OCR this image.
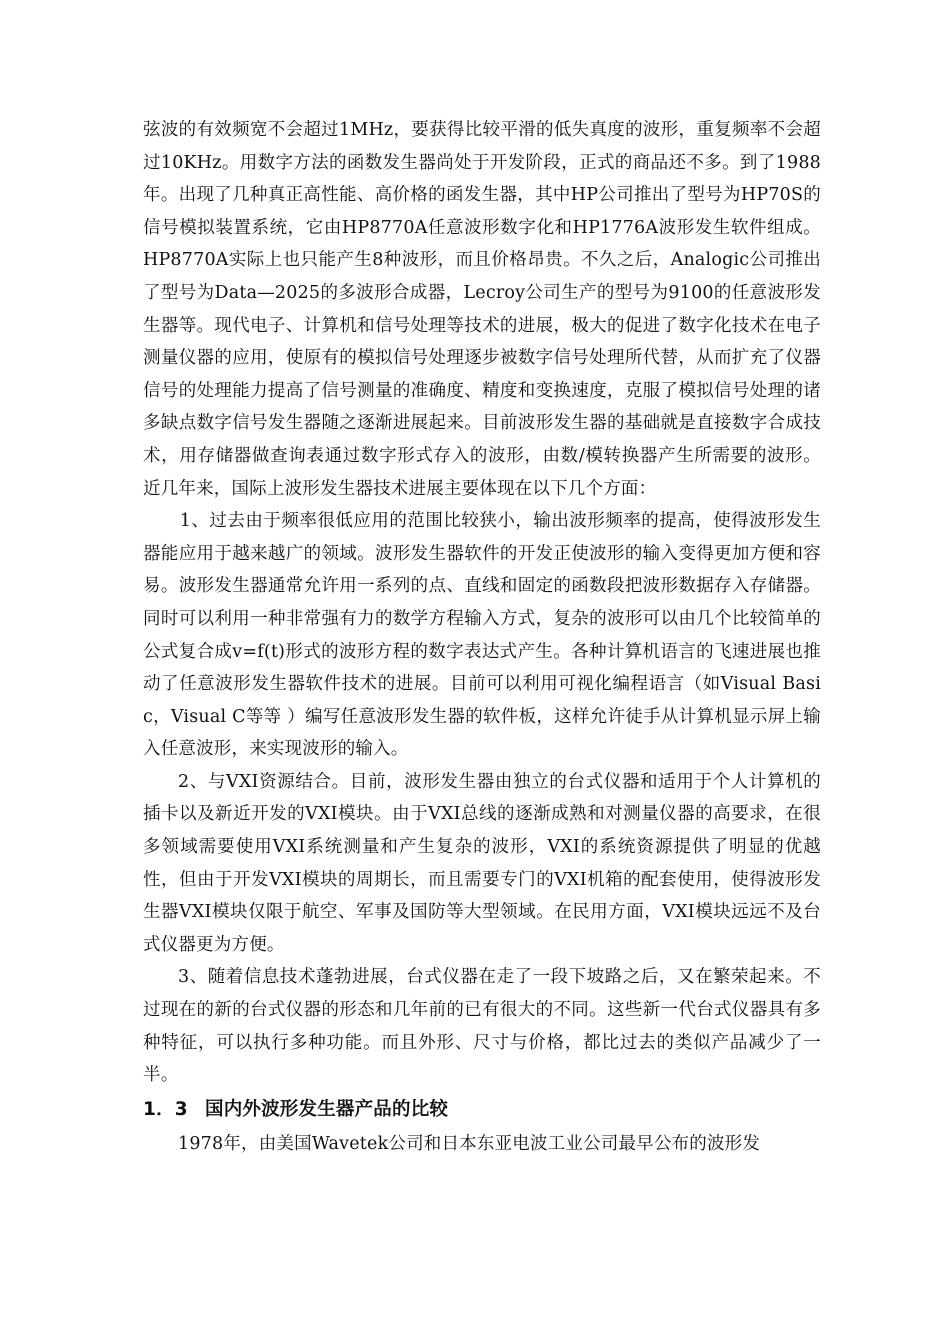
弦波的有效频宽不会超过1MHz，要获得比较平滑的低失真度的波形，重复频率不会超过10KHz。用数字方法的函数发生器尚处于开发阶段，正式的商品还不多。到了1988年。出现了几种真正高性能、高价格的函发生器，其中HP公司推出了型号为HP70S的信号模拟装置系统，它由HP8770A任意波形数字化和HP1776A波形发生软件组成。HP8770A实际上也只能产生8种波形，而且价格昂贵。不久之后，Analogic公司推出了型号为Data—2025的多波形合成器，Lecroy公司生产的型号为9100的任意波形发生器等。现代电子、计算机和信号处理等技术的进展，极大的促进了数字化技术在电子测量仪器的应用，使原有的模拟信号处理逐步被数字信号处理所代替，从而扩充了仪器信号的处理能力提高了信号测量的准确度、精度和变换速度，克服了模拟信号处理的诸多缺点数字信号发生器随之逐渐进展起来。目前波形发生器的基础就是直接数字合成技术，用存储器做查询表通过数字形式存入的波形，由数/模转换器产生所需要的波形。近几年来，国际上波形发生器技术进展主要体现在以下几个方面：

1、过去由于频率很低应用的范围比较狭小，输出波形频率的提高，使得波形发生器能应用于越来越广的领域。波形发生器软件的开发正使波形的输入变得更加方便和容易。波形发生器通常允许用一系列的点、直线和固定的函数段把波形数据存入存储器。同时可以利用一种非常强有力的数学方程输入方式，复杂的波形可以由几个比较简单的公式复合成v=f(t)形式的波形方程的数字表达式产生。各种计算机语言的飞速进展也推动了任意波形发生器软件技术的进展。目前可以利用可视化编程语言（如Visual Basic，Visual C等等 ）编写任意波形发生器的软件板，这样允许徒手从计算机显示屏上输入任意波形，来实现波形的输入。

2、与VXI资源结合。目前，波形发生器由独立的台式仪器和适用于个人计算机的插卡以及新近开发的VXI模块。由于VXI总线的逐渐成熟和对测量仪器的高要求，在很多领域需要使用VXI系统测量和产生复杂的波形，VXI的系统资源提供了明显的优越性，但由于开发VXI模块的周期长，而且需要专门的VXI机箱的配套使用，使得波形发生器VXI模块仅限于航空、军事及国防等大型领域。在民用方面，VXI模块远远不及台式仪器更为方便。

3、随着信息技术蓬勃进展，台式仪器在走了一段下坡路之后，又在繁荣起来。不过现在的新的台式仪器的形态和几年前的已有很大的不同。这些新一代台式仪器具有多种特征，可以执行多种功能。而且外形、尺寸与价格，都比过去的类似产品减少了一半。

1．3 国内外波形发生器产品的比较

1978年，由美国Wavetek公司和日本东亚电波工业公司最早公布的波形发
